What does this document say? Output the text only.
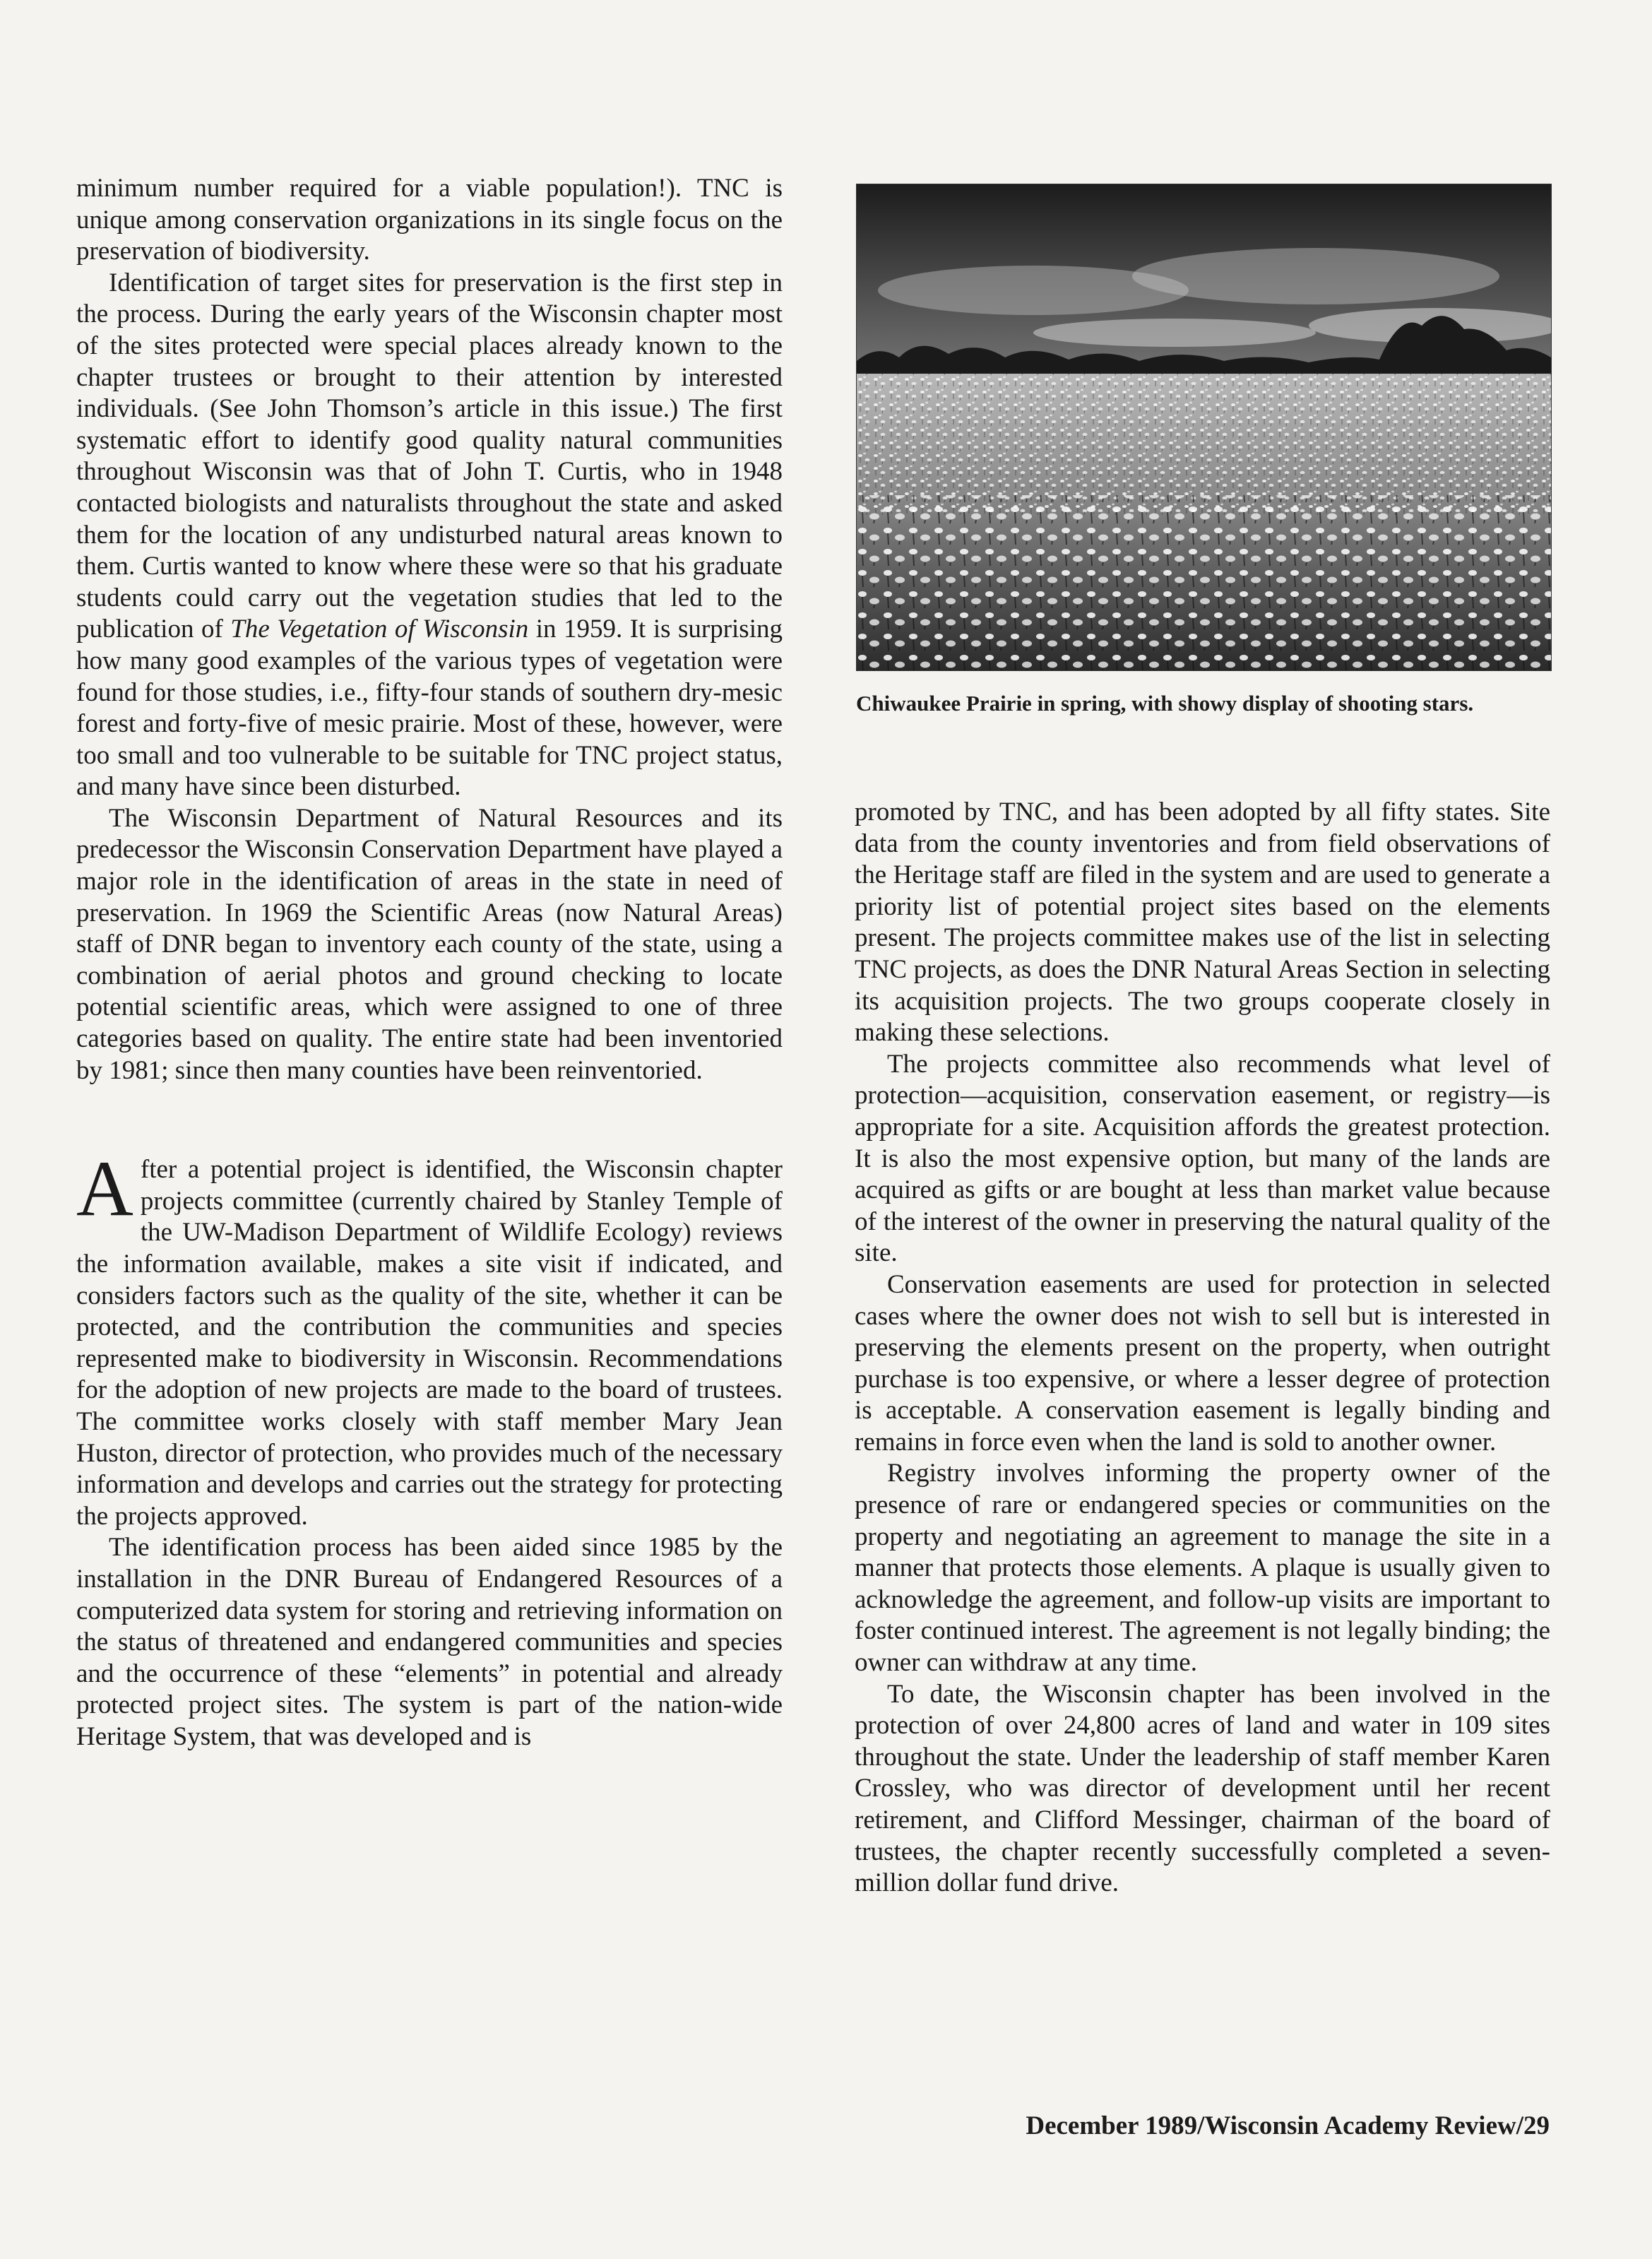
minimum number required for a viable population!). TNC is unique among conservation organizations in its single focus on the preservation of biodiversity.

Identification of target sites for preservation is the first step in the process. During the early years of the Wisconsin chapter most of the sites protected were special places already known to the chapter trustees or brought to their attention by interested individuals. (See John Thomson’s article in this issue.) The first systematic effort to identify good quality natural communities throughout Wisconsin was that of John T. Curtis, who in 1948 contacted biologists and naturalists throughout the state and asked them for the location of any undisturbed natural areas known to them. Curtis wanted to know where these were so that his graduate students could carry out the vegetation studies that led to the publication of The Vegetation of Wisconsin in 1959. It is surprising how many good examples of the various types of vegetation were found for those studies, i.e., fifty-four stands of southern dry-mesic forest and forty-five of mesic prairie. Most of these, however, were too small and too vulnerable to be suitable for TNC project status, and many have since been disturbed.

The Wisconsin Department of Natural Resources and its predecessor the Wisconsin Conservation Department have played a major role in the identification of areas in the state in need of preservation. In 1969 the Scientific Areas (now Natural Areas) staff of DNR began to inventory each county of the state, using a combination of aerial photos and ground checking to locate potential scientific areas, which were assigned to one of three categories based on quality. The entire state had been inventoried by 1981; since then many counties have been reinventoried.

After a potential project is identified, the Wisconsin chapter projects committee (currently chaired by Stanley Temple of the UW-Madison Department of Wildlife Ecology) reviews the information available, makes a site visit if indicated, and considers factors such as the quality of the site, whether it can be protected, and the contribution the communities and species represented make to biodiversity in Wisconsin. Recommendations for the adoption of new projects are made to the board of trustees. The committee works closely with staff member Mary Jean Huston, director of protection, who provides much of the necessary information and develops and carries out the strategy for protecting the projects approved.

The identification process has been aided since 1985 by the installation in the DNR Bureau of Endangered Resources of a computerized data system for storing and retrieving information on the status of threatened and endangered communities and species and the occurrence of these “elements” in potential and already protected project sites. The system is part of the nation-wide Heritage System, that was developed and is

Chiwaukee Prairie in spring, with showy display of shooting stars.

promoted by TNC, and has been adopted by all fifty states. Site data from the county inventories and from field observations of the Heritage staff are filed in the system and are used to generate a priority list of potential project sites based on the elements present. The projects committee makes use of the list in selecting TNC projects, as does the DNR Natural Areas Section in selecting its acquisition projects. The two groups cooperate closely in making these selections.

The projects committee also recommends what level of protection—acquisition, conservation easement, or registry—is appropriate for a site. Acquisition affords the greatest protection. It is also the most expensive option, but many of the lands are acquired as gifts or are bought at less than market value because of the interest of the owner in preserving the natural quality of the site.

Conservation easements are used for protection in selected cases where the owner does not wish to sell but is interested in preserving the elements present on the property, when outright purchase is too expensive, or where a lesser degree of protection is acceptable. A conservation easement is legally binding and remains in force even when the land is sold to another owner.

Registry involves informing the property owner of the presence of rare or endangered species or communities on the property and negotiating an agreement to manage the site in a manner that protects those elements. A plaque is usually given to acknowledge the agreement, and follow-up visits are important to foster continued interest. The agreement is not legally binding; the owner can withdraw at any time.

To date, the Wisconsin chapter has been involved in the protection of over 24,800 acres of land and water in 109 sites throughout the state. Under the leadership of staff member Karen Crossley, who was director of development until her recent retirement, and Clifford Messinger, chairman of the board of trustees, the chapter recently successfully completed a seven-million dollar fund drive.

December 1989/Wisconsin Academy Review/29
